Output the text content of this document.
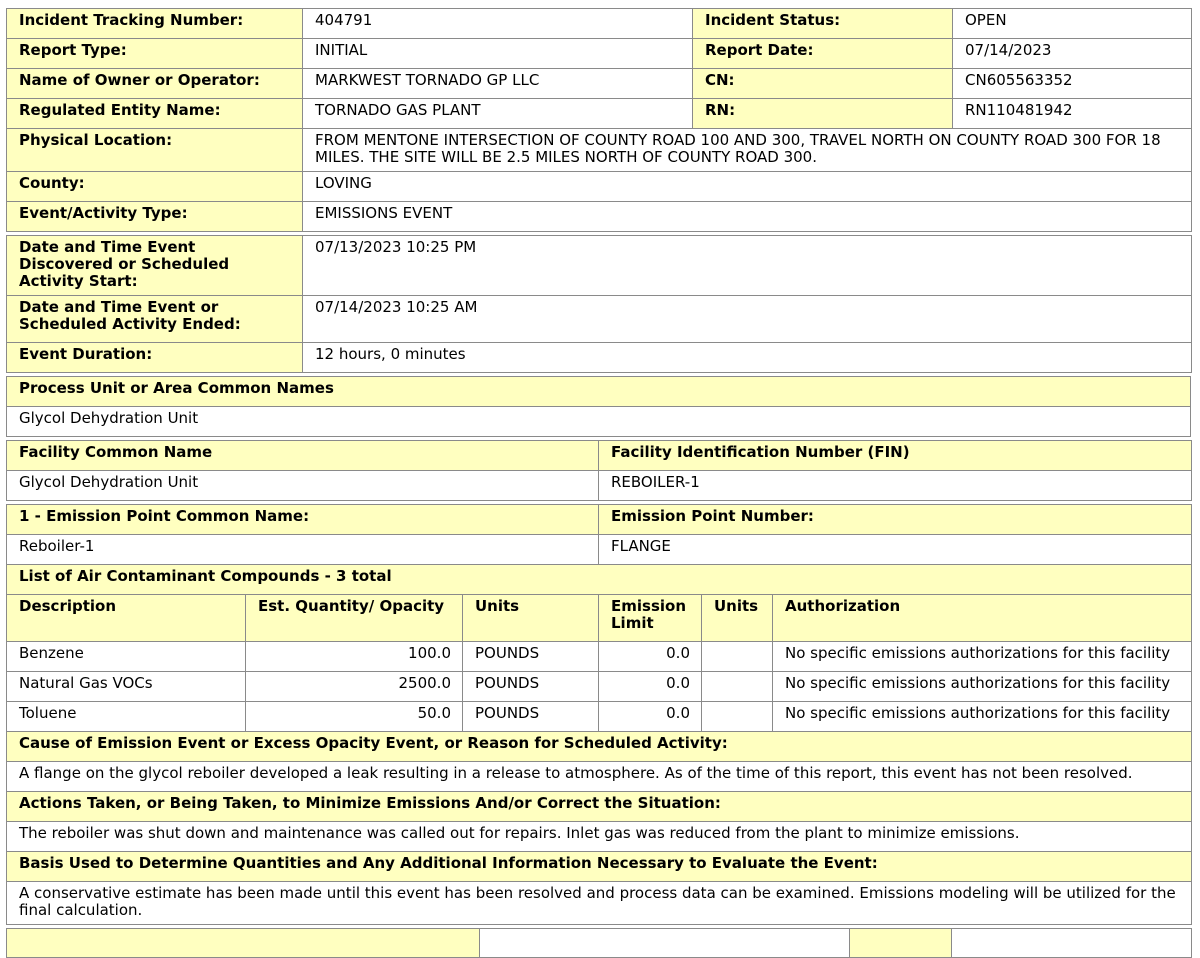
Incident Tracking Number:	404791	Incident Status:	OPEN
Report Type:	INITIAL	Report Date:	07/14/2023
Name of Owner or Operator:	MARKWEST TORNADO GP LLC	CN:	CN605563352
Regulated Entity Name:	TORNADO GAS PLANT	RN:	RN110481942
Physical Location:	FROM MENTONE INTERSECTION OF COUNTY ROAD 100 AND 300, TRAVEL NORTH ON COUNTY ROAD 300 FOR 18 MILES. THE SITE WILL BE 2.5 MILES NORTH OF COUNTY ROAD 300.		
County:	LOVING		
Event/Activity Type:	EMISSIONS EVENT		
Date and Time Event Discovered or Scheduled Activity Start:	07/13/2023 10:25 PM
Date and Time Event or Scheduled Activity Ended:	07/14/2023 10:25 AM
Event Duration:	12 hours, 0 minutes
Process Unit or Area Common Names
Glycol Dehydration Unit
Facility Common Name	Facility Identification Number (FIN)
Glycol Dehydration Unit	REBOILER-1
1 - Emission Point Common Name:			Emission Point Number:		
Reboiler-1			FLANGE		
List of Air Contaminant Compounds - 3 total					
Description	Est. Quantity/ Opacity	Units	Emission Limit	Units	Authorization
Benzene	100.0	POUNDS	0.0		No specific emissions authorizations for this facility
Natural Gas VOCs	2500.0	POUNDS	0.0		No specific emissions authorizations for this facility
Toluene	50.0	POUNDS	0.0		No specific emissions authorizations for this facility
Cause of Emission Event or Excess Opacity Event, or Reason for Scheduled Activity:					
A flange on the glycol reboiler developed a leak resulting in a release to atmosphere. As of the time of this report, this event has not been resolved.					
Actions Taken, or Being Taken, to Minimize Emissions And/or Correct the Situation:					
The reboiler was shut down and maintenance was called out for repairs. Inlet gas was reduced from the plant to minimize emissions.					
Basis Used to Determine Quantities and Any Additional Information Necessary to Evaluate the Event:					
A conservative estimate has been made until this event has been resolved and process data can be examined. Emissions modeling will be utilized for the final calculation.					
